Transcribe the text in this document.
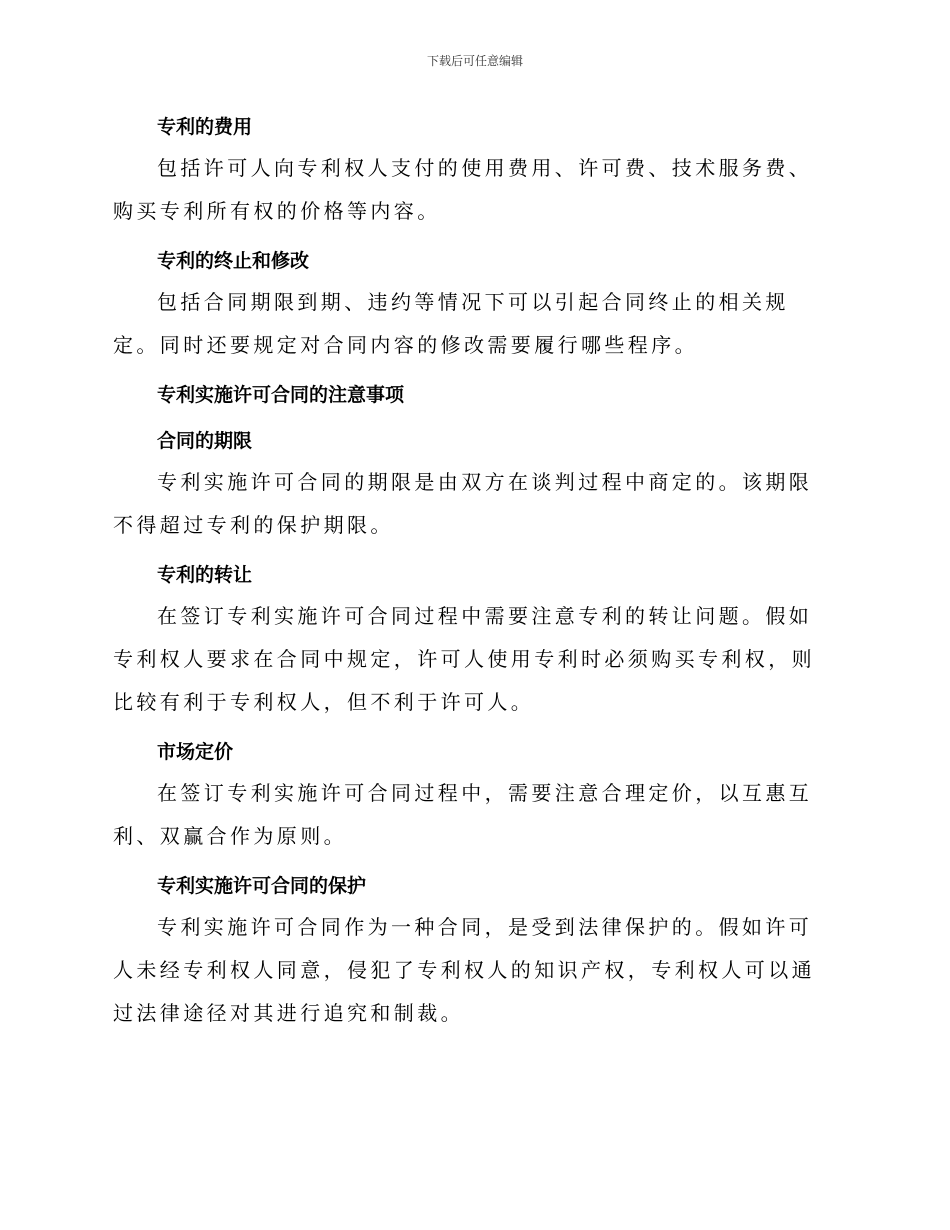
下载后可任意编辑
专利的费用

包括许可人向专利权人支付的使用费用、许可费、技术服务费、购买专利所有权的价格等内容。

专利的终止和修改

包括合同期限到期、违约等情况下可以引起合同终止的相关规定。同时还要规定对合同内容的修改需要履行哪些程序。

专利实施许可合同的注意事项
合同的期限

专利实施许可合同的期限是由双方在谈判过程中商定的。该期限不得超过专利的保护期限。

专利的转让

在签订专利实施许可合同过程中需要注意专利的转让问题。假如专利权人要求在合同中规定，许可人使用专利时必须购买专利权，则比较有利于专利权人，但不利于许可人。

市场定价

在签订专利实施许可合同过程中，需要注意合理定价，以互惠互利、双赢合作为原则。

专利实施许可合同的保护

专利实施许可合同作为一种合同，是受到法律保护的。假如许可人未经专利权人同意，侵犯了专利权人的知识产权，专利权人可以通过法律途径对其进行追究和制裁。
